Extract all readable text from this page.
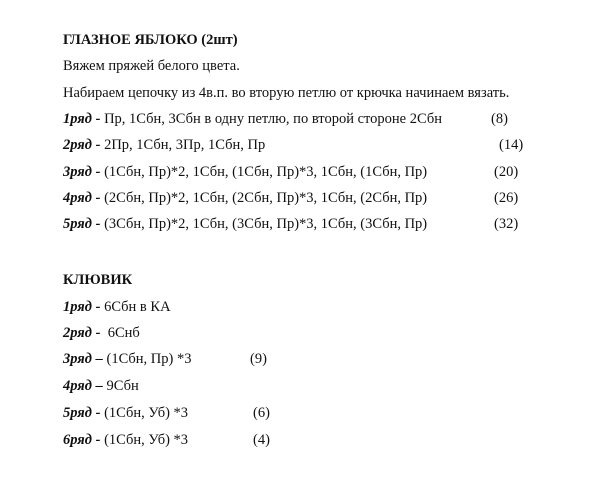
ГЛАЗНОЕ ЯБЛОКО (2шт)
Вяжем пряжей белого цвета.
Набираем цепочку из 4в.п. во вторую петлю от крючка начинаем вязать.
1ряд - Пр, 1Сбн, 3Сбн в одну петлю, по второй стороне 2Сбн	(8)
2ряд - 2Пр, 1Сбн, 3Пр, 1Сбн, Пр	(14)
3ряд - (1Сбн, Пр)*2, 1Сбн, (1Сбн, Пр)*3, 1Сбн, (1Сбн, Пр)	(20)
4ряд - (2Сбн, Пр)*2, 1Сбн, (2Сбн, Пр)*3, 1Сбн, (2Сбн, Пр)	(26)
5ряд - (3Сбн, Пр)*2, 1Сбн, (3Сбн, Пр)*3, 1Сбн, (3Сбн, Пр)	(32)
КЛЮВИК
1ряд - 6Сбн в КА
2ряд -  6Снб
3ряд – (1Сбн, Пр) *3	(9)
4ряд – 9Сбн
5ряд - (1Сбн, Уб) *3	(6)
6ряд - (1Сбн, Уб) *3	(4)
